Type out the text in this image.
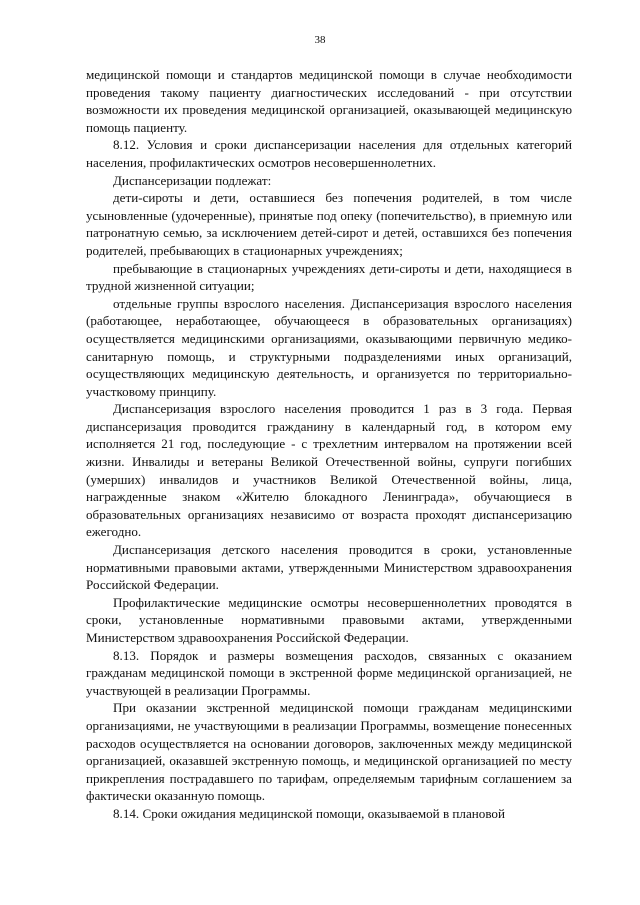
38

медицинской помощи и стандартов медицинской помощи в случае необходимости проведения такому пациенту диагностических исследований - при отсутствии возможности их проведения медицинской организацией, оказывающей медицинскую помощь пациенту.

8.12. Условия и сроки диспансеризации населения для отдельных категорий населения, профилактических осмотров несовершеннолетних.

Диспансеризации подлежат:

дети-сироты и дети, оставшиеся без попечения родителей, в том числе усыновленные (удочеренные), принятые под опеку (попечительство), в приемную или патронатную семью, за исключением детей-сирот и детей, оставшихся без попечения родителей, пребывающих в стационарных учреждениях;

пребывающие в стационарных учреждениях дети-сироты и дети, находящиеся в трудной жизненной ситуации;

отдельные группы взрослого населения. Диспансеризация взрослого населения (работающее, неработающее, обучающееся в образовательных организациях) осуществляется медицинскими организациями, оказывающими первичную медико-санитарную помощь, и структурными подразделениями иных организаций, осуществляющих медицинскую деятельность, и организуется по территориально-участковому принципу.

Диспансеризация взрослого населения проводится 1 раз в 3 года. Первая диспансеризация проводится гражданину в календарный год, в котором ему исполняется 21 год, последующие - с трехлетним интервалом на протяжении всей жизни. Инвалиды и ветераны Великой Отечественной войны, супруги погибших (умерших) инвалидов и участников Великой Отечественной войны, лица, награжденные знаком «Жителю блокадного Ленинграда», обучающиеся в образовательных организациях независимо от возраста проходят диспансеризацию ежегодно.

Диспансеризация детского населения проводится в сроки, установленные нормативными правовыми актами, утвержденными Министерством здравоохранения Российской Федерации.

Профилактические медицинские осмотры несовершеннолетних проводятся в сроки, установленные нормативными правовыми актами, утвержденными Министерством здравоохранения Российской Федерации.

8.13. Порядок и размеры возмещения расходов, связанных с оказанием гражданам медицинской помощи в экстренной форме медицинской организацией, не участвующей в реализации Программы.

При оказании экстренной медицинской помощи гражданам медицинскими организациями, не участвующими в реализации Программы, возмещение понесенных расходов осуществляется на основании договоров, заключенных между медицинской организацией, оказавшей экстренную помощь, и медицинской организацией по месту прикрепления пострадавшего по тарифам, определяемым тарифным соглашением за фактически оказанную помощь.

8.14. Сроки ожидания медицинской помощи, оказываемой в плановой
